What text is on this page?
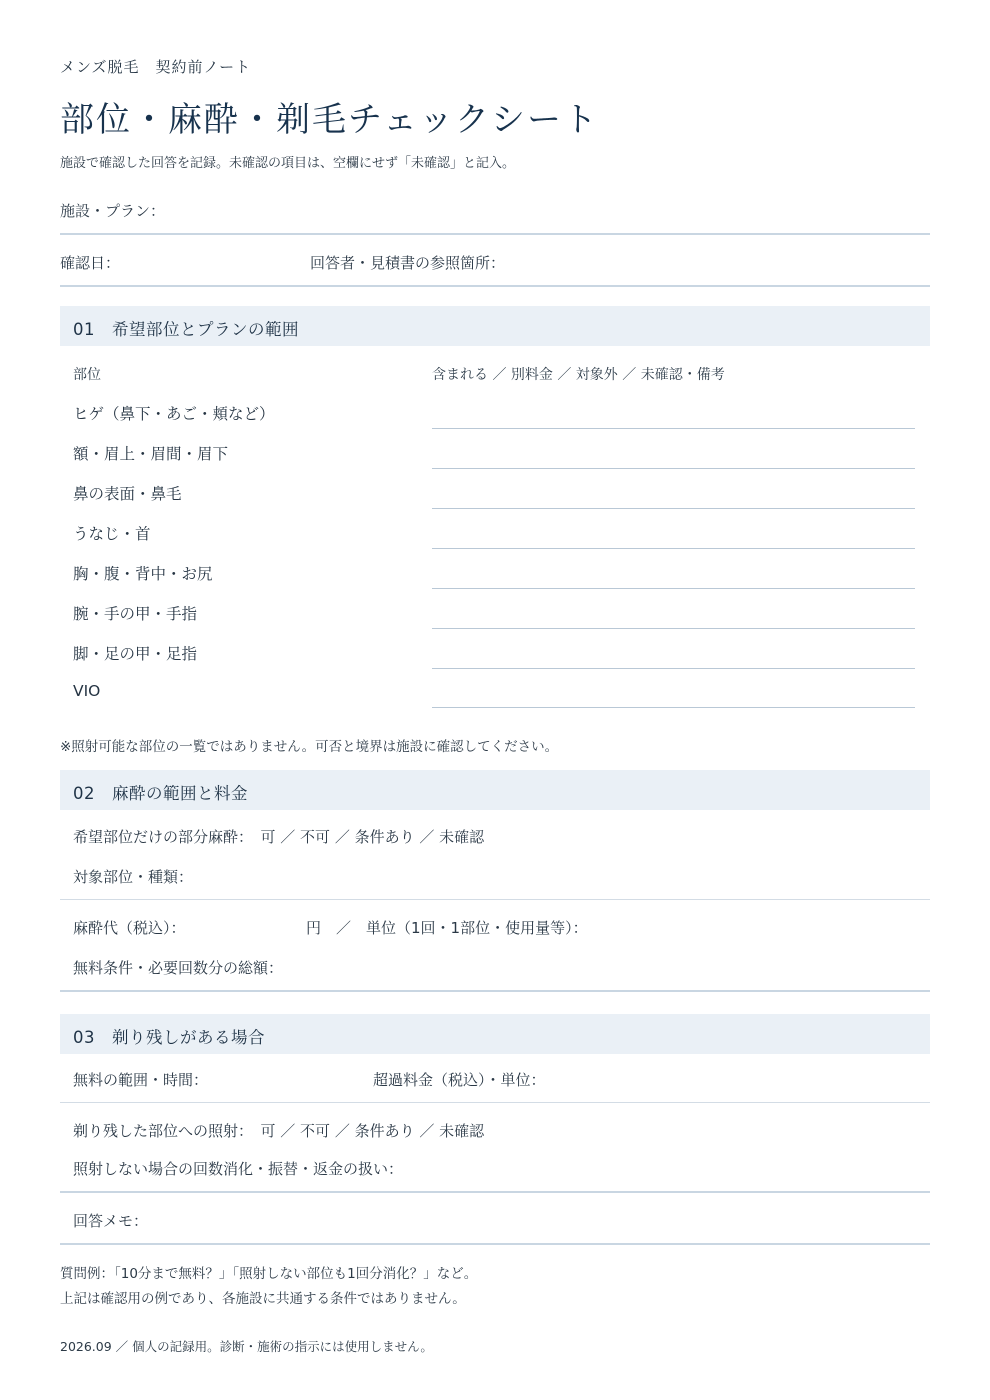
メンズ脱毛　契約前ノート
部位・麻酔・剃毛チェックシート
施設で確認した回答を記録。未確認の項目は、空欄にせず「未確認」と記入。
施設・プラン：
確認日：	回答者・見積書の参照箇所：
01　希望部位とプランの範囲
部位	含まれる ／ 別料金 ／ 対象外 ／ 未確認・備考
ヒゲ（鼻下・あご・頬など）
額・眉上・眉間・眉下
鼻の表面・鼻毛
うなじ・首
胸・腹・背中・お尻
腕・手の甲・手指
脚・足の甲・足指
VIO
※照射可能な部位の一覧ではありません。可否と境界は施設に確認してください。
02　麻酔の範囲と料金
希望部位だけの部分麻酔：　可 ／ 不可 ／ 条件あり ／ 未確認
対象部位・種類：
麻酔代（税込）：	円　／　単位（1回・1部位・使用量等）：
無料条件・必要回数分の総額：
03　剃り残しがある場合
無料の範囲・時間：	超過料金（税込）・単位：
剃り残した部位への照射：　可 ／ 不可 ／ 条件あり ／ 未確認
照射しない場合の回数消化・振替・返金の扱い：
回答メモ：
質問例：「10分まで無料？」「照射しない部位も1回分消化？」など。
上記は確認用の例であり、各施設に共通する条件ではありません。
2026.09 ／ 個人の記録用。診断・施術の指示には使用しません。
